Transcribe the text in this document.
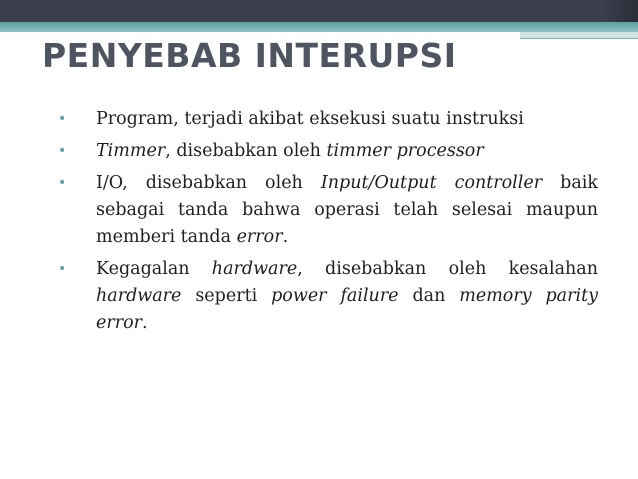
PENYEBAB INTERUPSI
• Program, terjadi akibat eksekusi suatu instruksi
• Timmer, disebabkan oleh timmer processor
• I/O, disebabkan oleh Input/Output controller baik sebagai tanda bahwa operasi telah selesai maupun memberi tanda error.
• Kegagalan hardware, disebabkan oleh kesalahan hardware seperti power failure dan memory parity error.
